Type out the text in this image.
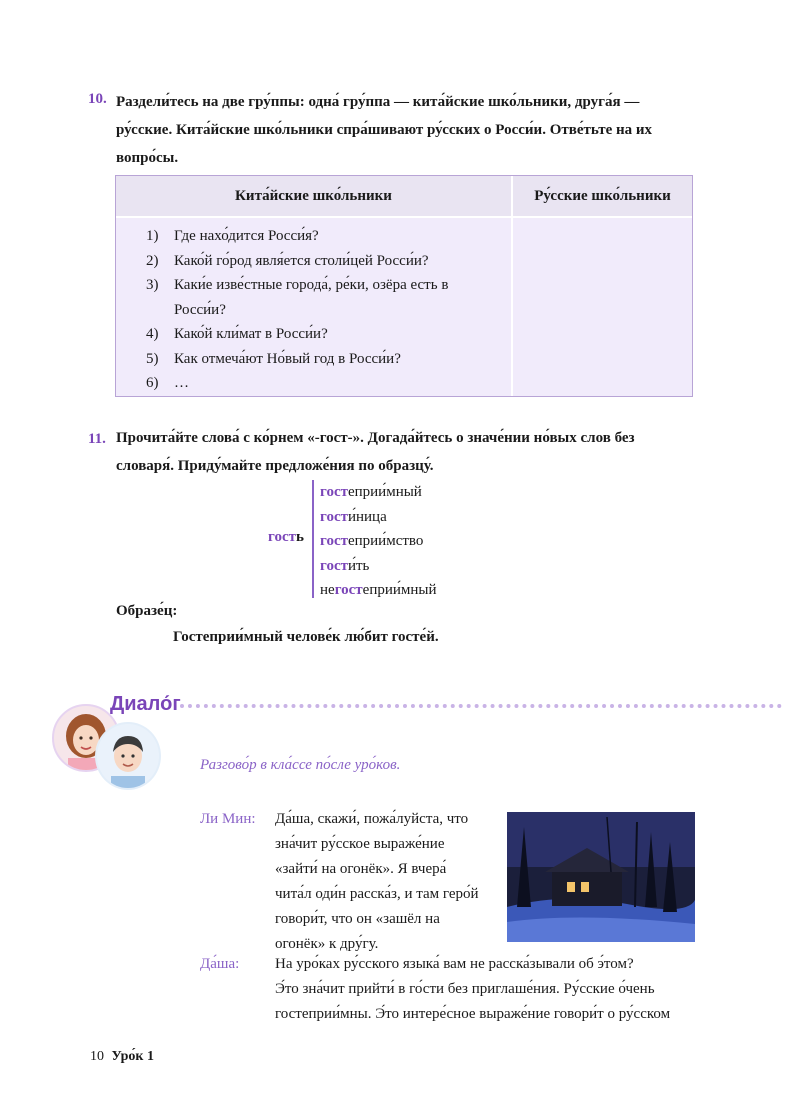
10. Раздели́тесь на две гру́ппы: одна́ гру́ппа — кита́йские шко́льники, друга́я —
ру́сские. Кита́йские шко́льники спра́шивают ру́сских о Росси́и. Отве́тьте на их
вопро́сы.
Кита́йские шко́льники	Ру́сские шко́льники
1)	Где нахо́дится Росси́я?
2)	Како́й го́род явля́ется столи́цей Росси́и?
3)	Каки́е изве́стные города́, ре́ки, озёра есть в
Росси́и?
4)	Како́й кли́мат в Росси́и?
5)	Как отмеча́ют Но́вый год в Росси́и?
6)	…
11. Прочита́йте слова́ с ко́рнем «-гост-». Догада́йтесь о значе́нии но́вых слов без
словаря́. Приду́майте предложе́ния по образцу́.
гость
гостеприи́мный
гости́ница
гостеприи́мство
гости́ть
негостеприи́мный
Образе́ц:
Гостеприи́мный челове́к лю́бит госте́й.
Диало́г
Разгово́р в кла́ссе по́сле уро́ков.
Ли Мин: Да́ша, скажи́, пожа́луйста, что
зна́чит ру́сское выраже́ние
«зайти́ на огонёк». Я вчера́
чита́л оди́н расска́з, и там геро́й
говори́т, что он «зашёл на
огонёк» к дру́гу.
Да́ша: На уро́ках ру́сского языка́ вам не расска́зывали об э́том?
Э́то зна́чит прийти́ в го́сти без приглаше́ния. Ру́сские о́чень
гостеприи́мны. Э́то интере́сное выраже́ние говори́т о ру́сском
10 Уро́к 1
